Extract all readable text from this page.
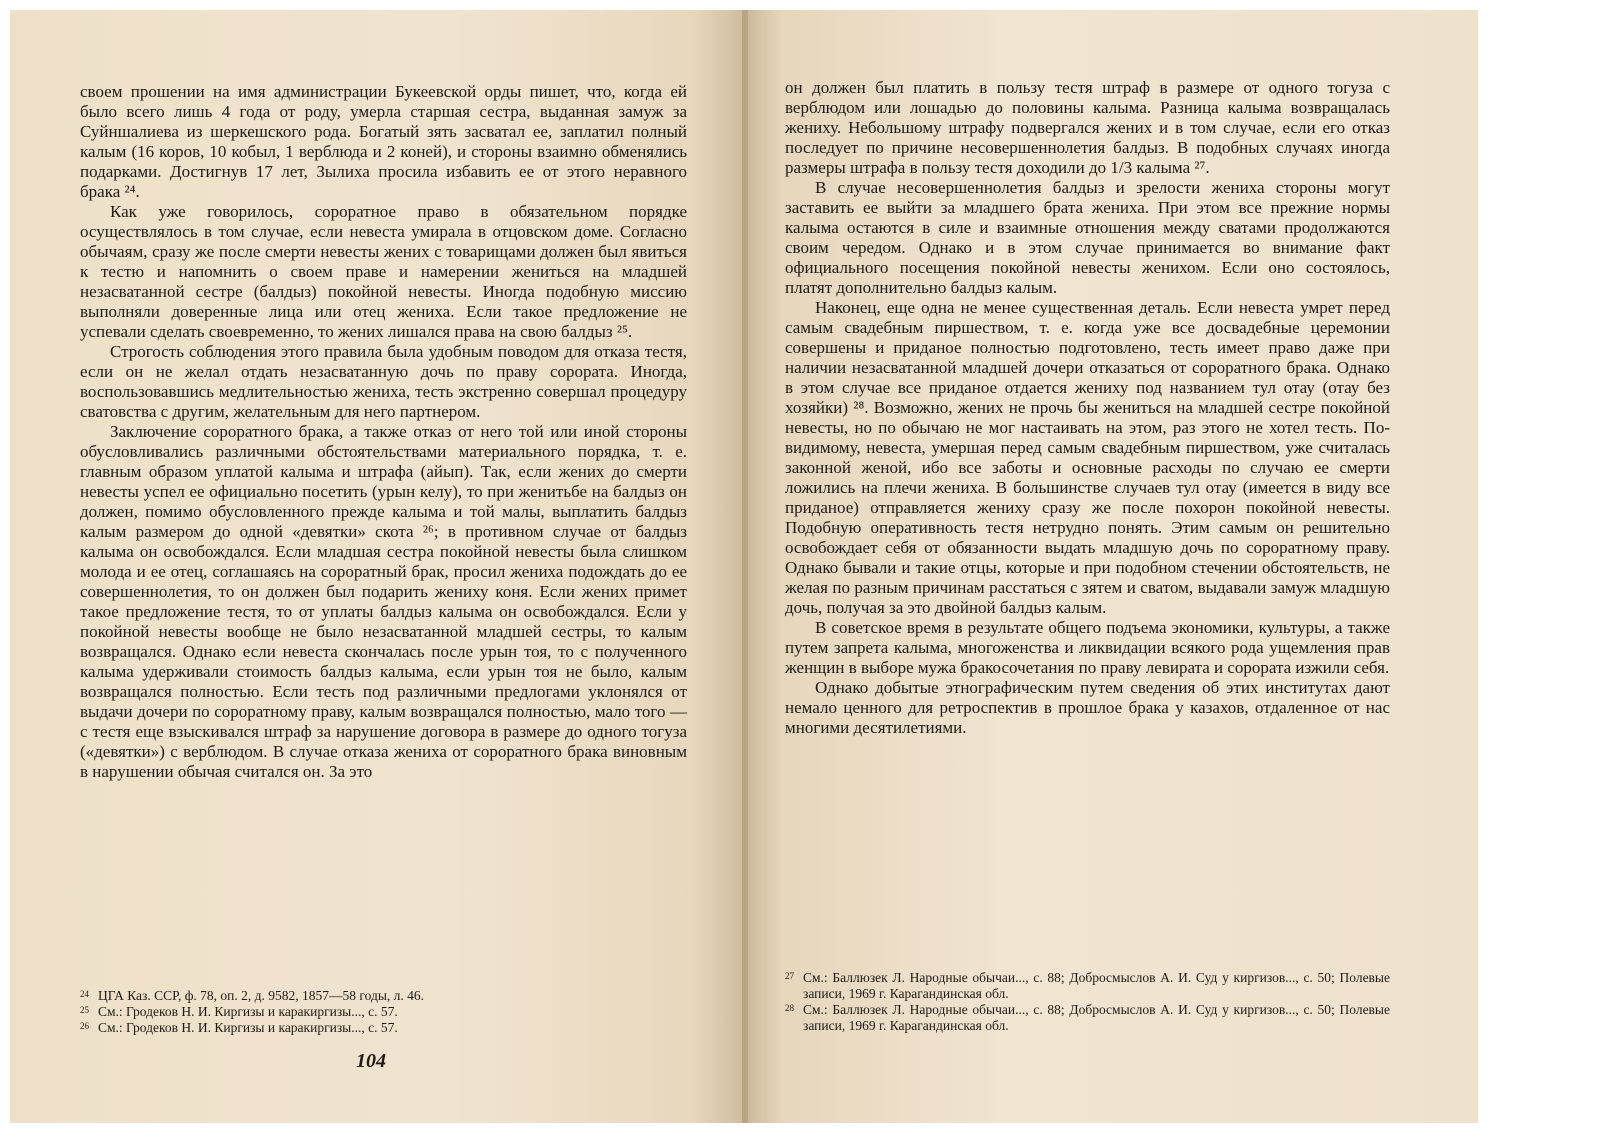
своем прошении на имя администрации Букеевской орды пишет, что, когда ей было всего лишь 4 года от роду, умерла старшая сестра, выданная замуж за Суйншалиева из шеркешского рода. Богатый зять засватал ее, заплатил полный калым (16 коров, 10 кобыл, 1 верблюда и 2 коней), и стороны взаимно обменялись подарками. Достигнув 17 лет, Зылиха просила избавить ее от этого неравного брака ²⁴.

Как уже говорилось, сороратное право в обязательном порядке осуществлялось в том случае, если невеста умирала в отцовском доме. Согласно обычаям, сразу же после смерти невесты жених с товарищами должен был явиться к тестю и напомнить о своем праве и намерении жениться на младшей незасватанной сестре (балдыз) покойной невесты. Иногда подобную миссию выполняли доверенные лица или отец жениха. Если такое предложение не успевали сделать своевременно, то жених лишался права на свою балдыз ²⁵.

Строгость соблюдения этого правила была удобным поводом для отказа тестя, если он не желал отдать незасватанную дочь по праву сорората. Иногда, воспользовавшись медлительностью жениха, тесть экстренно совершал процедуру сватовства с другим, желательным для него партнером.

Заключение сороратного брака, а также отказ от него той или иной стороны обусловливались различными обстоятельствами материального порядка, т. е. главным образом уплатой калыма и штрафа (айып). Так, если жених до смерти невесты успел ее официально посетить (урын келу), то при женитьбе на балдыз он должен, помимо обусловленного прежде калыма и той малы, выплатить балдыз калым размером до одной «девятки» скота ²⁶; в противном случае от балдыз калыма он освобождался. Если младшая сестра покойной невесты была слишком молода и ее отец, соглашаясь на сороратный брак, просил жениха подождать до ее совершеннолетия, то он должен был подарить жениху коня. Если жених примет такое предложение тестя, то от уплаты балдыз калыма он освобождался. Если у покойной невесты вообще не было незасватанной младшей сестры, то калым возвращался. Однако если невеста скончалась после урын тоя, то с полученного калыма удерживали стоимость балдыз калыма, если урын тоя не было, калым возвращался полностью. Если тесть под различными предлогами уклонялся от выдачи дочери по сороратному праву, калым возвращался полностью, мало того — с тестя еще взыскивался штраф за нарушение договора в размере до одного тогуза («девятки») с верблюдом. В случае отказа жениха от сороратного брака виновным в нарушении обычая считался он. За это

24 ЦГА Каз. ССР, ф. 78, оп. 2, д. 9582, 1857—58 годы, л. 46.
25 См.: Гродеков Н. И. Киргизы и каракиргизы..., с. 57.
26 См.: Гродеков Н. И. Киргизы и каракиргизы..., с. 57.
104

он должен был платить в пользу тестя штраф в размере от одного тогуза с верблюдом или лошадью до половины калыма. Разница калыма возвращалась жениху. Небольшому штрафу подвергался жених и в том случае, если его отказ последует по причине несовершеннолетия балдыз. В подобных случаях иногда размеры штрафа в пользу тестя доходили до 1/3 калыма ²⁷.

В случае несовершеннолетия балдыз и зрелости жениха стороны могут заставить ее выйти за младшего брата жениха. При этом все прежние нормы калыма остаются в силе и взаимные отношения между сватами продолжаются своим чередом. Однако и в этом случае принимается во внимание факт официального посещения покойной невесты женихом. Если оно состоялось, платят дополнительно балдыз калым.

Наконец, еще одна не менее существенная деталь. Если невеста умрет перед самым свадебным пиршеством, т. е. когда уже все досвадебные церемонии совершены и приданое полностью подготовлено, тесть имеет право даже при наличии незасватанной младшей дочери отказаться от сороратного брака. Однако в этом случае все приданое отдается жениху под названием тул отау (отау без хозяйки) ²⁸. Возможно, жених не прочь бы жениться на младшей сестре покойной невесты, но по обычаю не мог настаивать на этом, раз этого не хотел тесть. По-видимому, невеста, умершая перед самым свадебным пиршеством, уже считалась законной женой, ибо все заботы и основные расходы по случаю ее смерти ложились на плечи жениха. В большинстве случаев тул отау (имеется в виду все приданое) отправляется жениху сразу же после похорон покойной невесты. Подобную оперативность тестя нетрудно понять. Этим самым он решительно освобождает себя от обязанности выдать младшую дочь по сороратному праву. Однако бывали и такие отцы, которые и при подобном стечении обстоятельств, не желая по разным причинам расстаться с зятем и сватом, выдавали замуж младшую дочь, получая за это двойной балдыз калым.

В советское время в результате общего подъема экономики, культуры, а также путем запрета калыма, многоженства и ликвидации всякого рода ущемления прав женщин в выборе мужа бракосочетания по праву левирата и сорората изжили себя.

Однако добытые этнографическим путем сведения об этих институтах дают немало ценного для ретроспектив в прошлое брака у казахов, отдаленное от нас многими десятилетиями.

27 См.: Баллюзек Л. Народные обычаи..., с. 88; Добросмыслов А. И. Суд у киргизов..., с. 50; Полевые записи, 1969 г. Карагандинская обл.
28 См.: Баллюзек Л. Народные обычаи..., с. 88; Добросмыслов А. И. Суд у киргизов..., с. 50; Полевые записи, 1969 г. Карагандинская обл.
